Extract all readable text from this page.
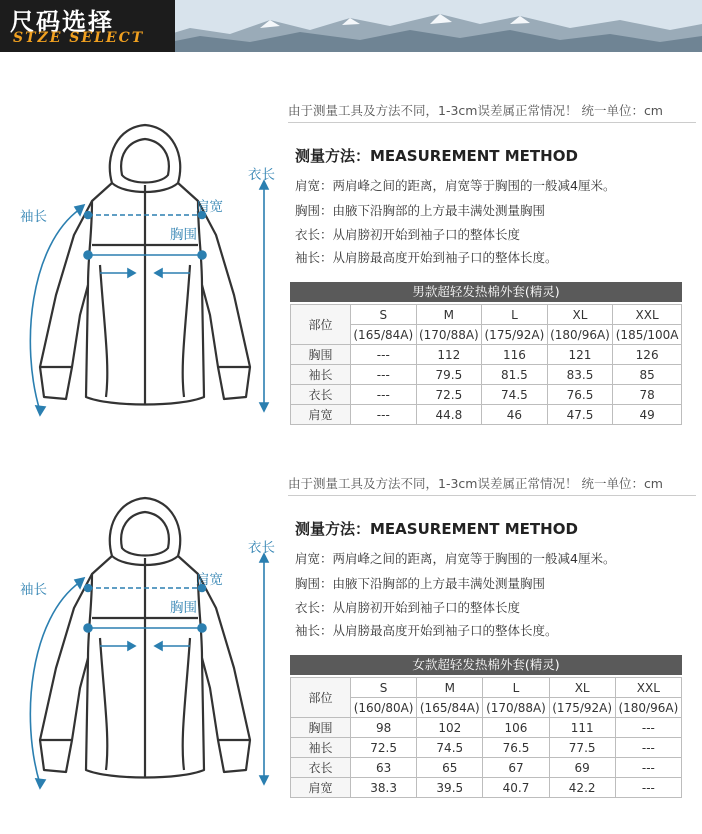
尺码选择
STZE SELECT
衣长
袖长
肩宽
胸围
由于测量工具及方法不同，1-3cm误差属正常情况！ 统一单位：cm
测量方法：MEASUREMENT METHOD
肩宽：两肩峰之间的距离，肩宽等于胸围的一般减4厘米。
胸围：由腋下沿胸部的上方最丰满处测量胸围
衣长：从肩膀初开始到袖子口的整体长度
袖长：从肩膀最高度开始到袖子口的整体长度。
男款超轻发热棉外套(精灵)
部位	S	M	L	XL	XXL
	(165/84A)	(170/88A)	(175/92A)	(180/96A)	(185/100A
胸围	---	112	116	121	126
袖长	---	79.5	81.5	83.5	85
衣长	---	72.5	74.5	76.5	78
肩宽	---	44.8	46	47.5	49
衣长
袖长
肩宽
胸围
由于测量工具及方法不同，1-3cm误差属正常情况！ 统一单位：cm
测量方法：MEASUREMENT METHOD
肩宽：两肩峰之间的距离，肩宽等于胸围的一般减4厘米。
胸围：由腋下沿胸部的上方最丰满处测量胸围
衣长：从肩膀初开始到袖子口的整体长度
袖长：从肩膀最高度开始到袖子口的整体长度。
女款超轻发热棉外套(精灵)
部位	S	M	L	XL	XXL
	(160/80A)	(165/84A)	(170/88A)	(175/92A)	(180/96A)
胸围	98	102	106	111	---
袖长	72.5	74.5	76.5	77.5	---
衣长	63	65	67	69	---
肩宽	38.3	39.5	40.7	42.2	---
